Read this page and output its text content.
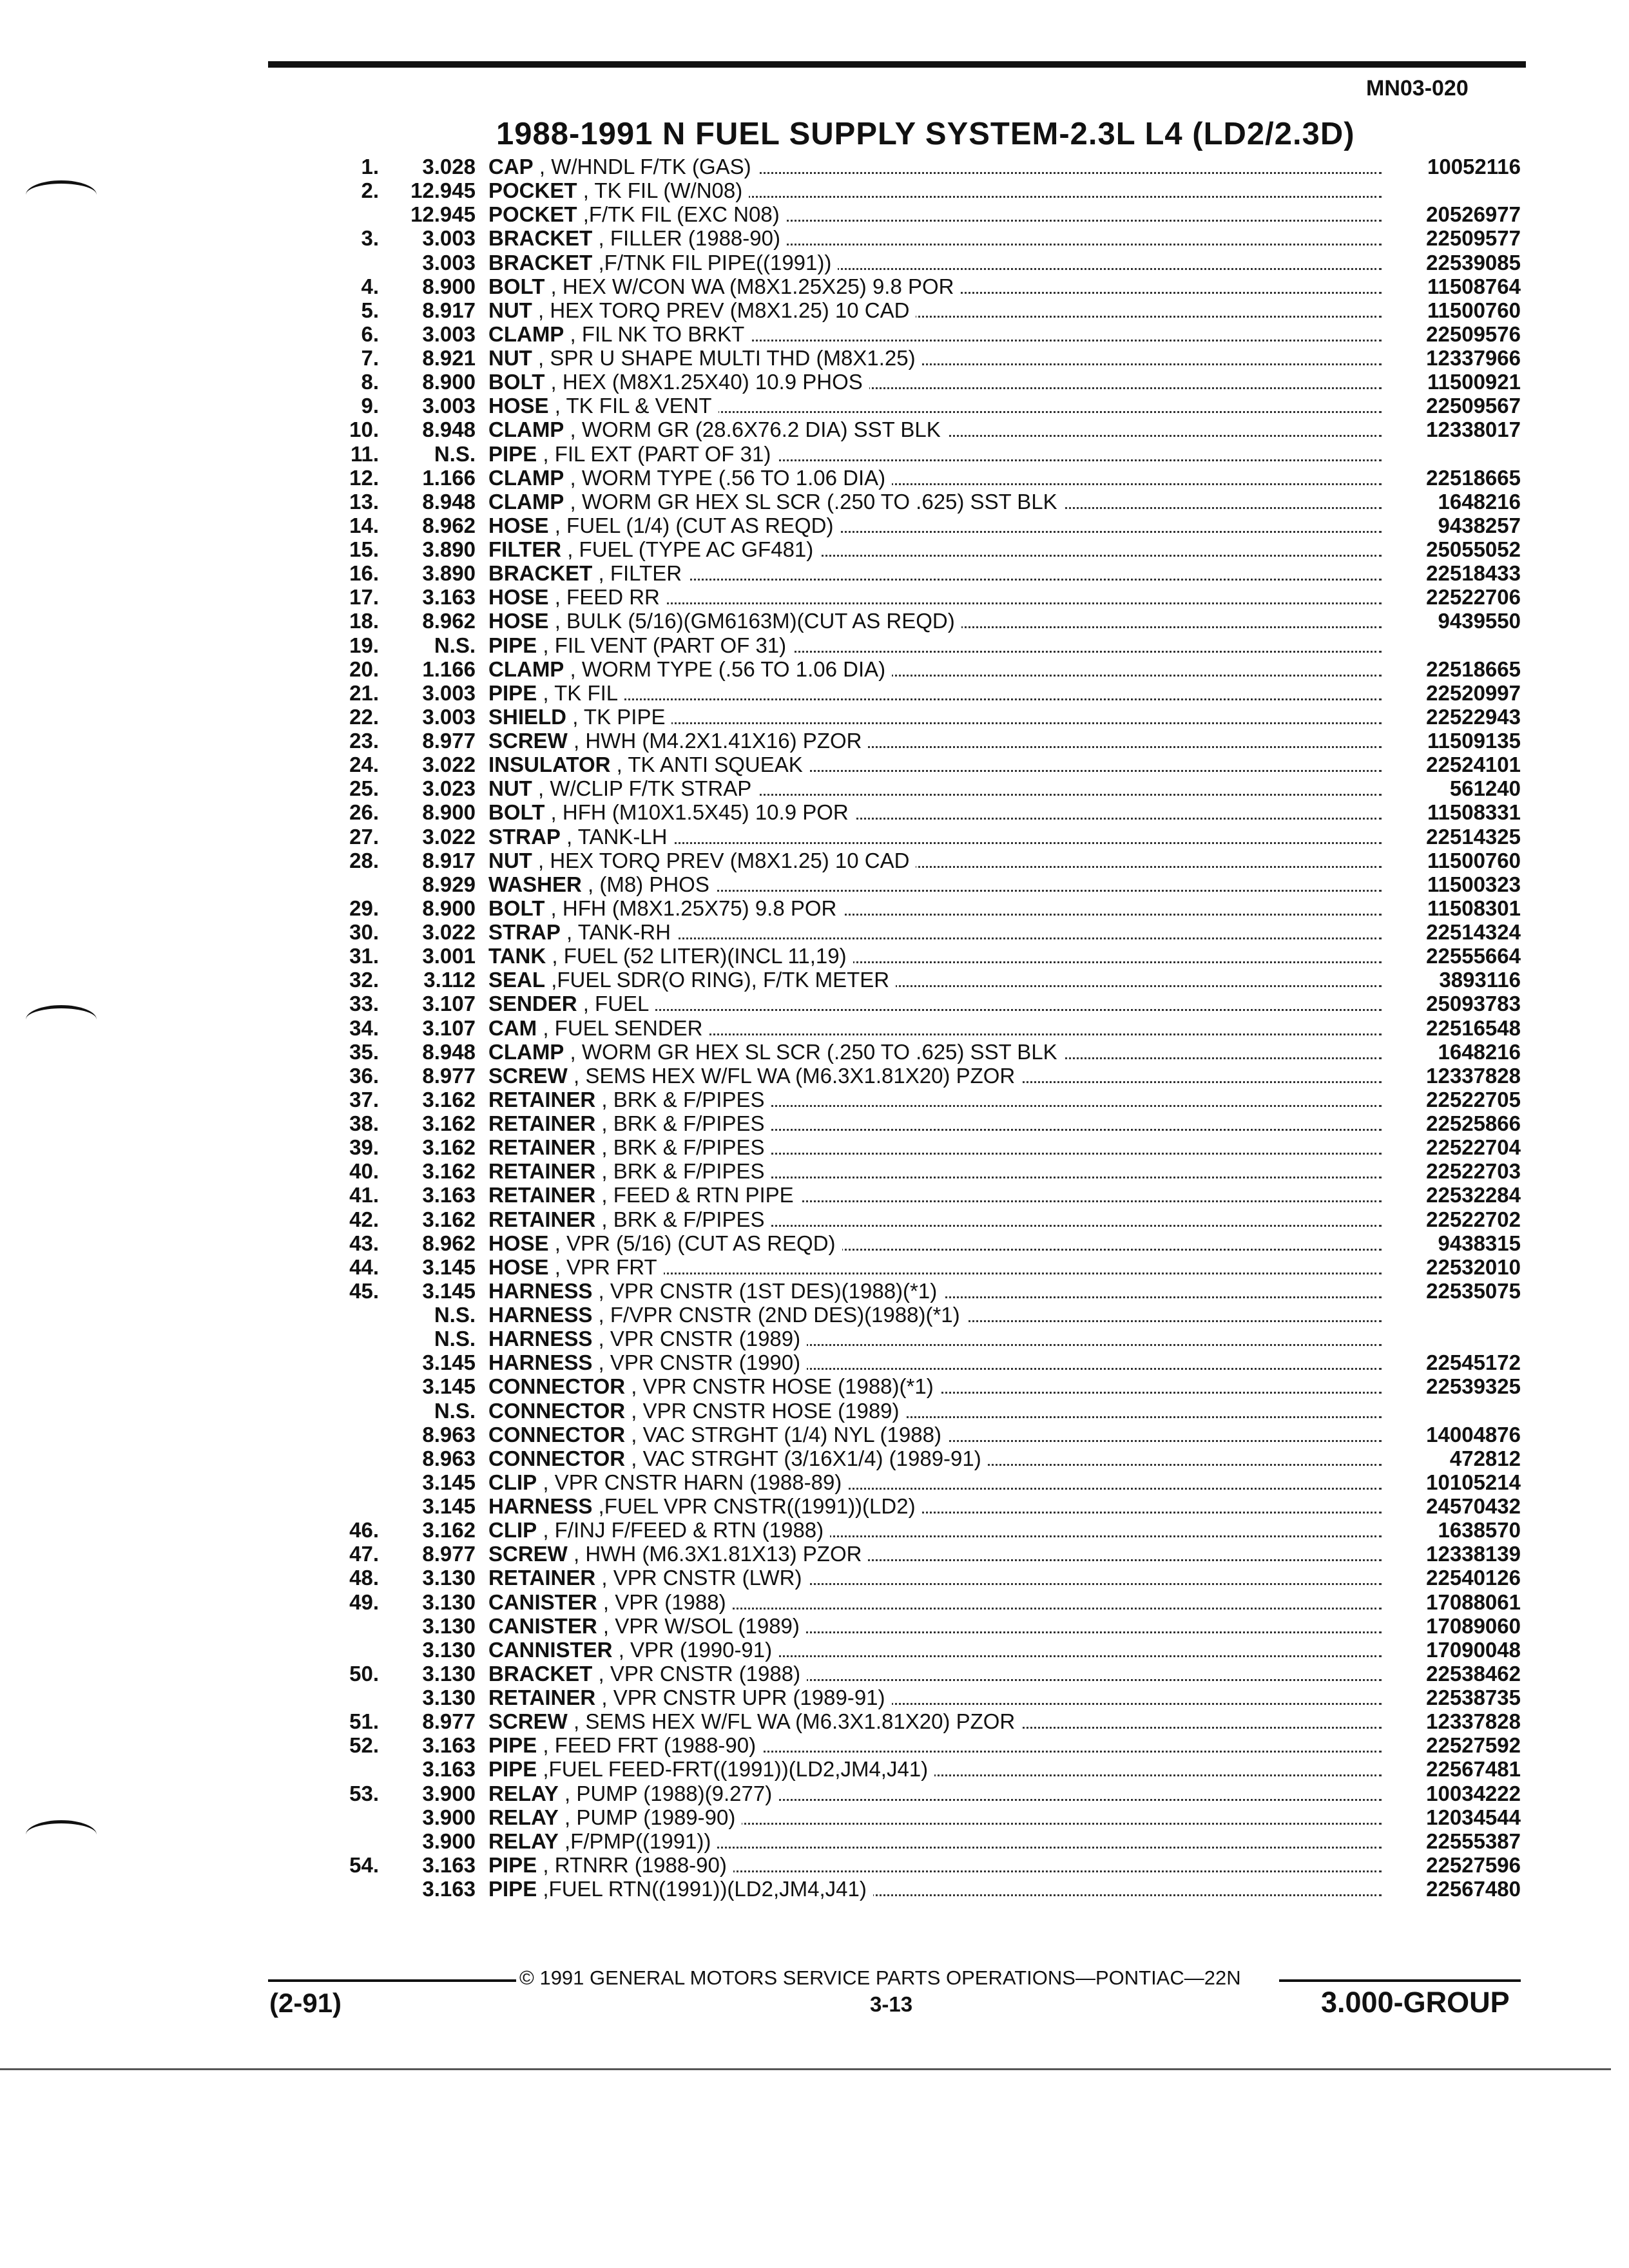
MN03-020
1988-1991 N FUEL SUPPLY SYSTEM-2.3L L4 (LD2/2.3D)
1.	3.028 CAP , W/HNDL F/TK (GAS)	10052116
2.	12.945 POCKET , TK FIL (W/N08)
12.945 POCKET ,F/TK FIL (EXC N08)	20526977
3.	3.003 BRACKET , FILLER (1988-90)	22509577
3.003 BRACKET ,F/TNK FIL PIPE((1991))	22539085
4.	8.900 BOLT , HEX W/CON WA (M8X1.25X25) 9.8 POR	11508764
5.	8.917 NUT , HEX TORQ PREV (M8X1.25) 10 CAD	11500760
6.	3.003 CLAMP , FIL NK TO BRKT	22509576
7.	8.921 NUT , SPR U SHAPE MULTI THD (M8X1.25)	12337966
8.	8.900 BOLT , HEX (M8X1.25X40) 10.9 PHOS	11500921
9.	3.003 HOSE , TK FIL & VENT	22509567
10.	8.948 CLAMP , WORM GR (28.6X76.2 DIA) SST BLK	12338017
11.	N.S. PIPE , FIL EXT (PART OF 31)
12.	1.166 CLAMP , WORM TYPE (.56 TO 1.06 DIA)	22518665
13.	8.948 CLAMP , WORM GR HEX SL SCR (.250 TO .625) SST BLK	1648216
14.	8.962 HOSE , FUEL (1/4) (CUT AS REQD)	9438257
15.	3.890 FILTER , FUEL (TYPE AC GF481)	25055052
16.	3.890 BRACKET , FILTER	22518433
17.	3.163 HOSE , FEED RR	22522706
18.	8.962 HOSE , BULK (5/16)(GM6163M)(CUT AS REQD)	9439550
19.	N.S. PIPE , FIL VENT (PART OF 31)
20.	1.166 CLAMP , WORM TYPE (.56 TO 1.06 DIA)	22518665
21.	3.003 PIPE , TK FIL	22520997
22.	3.003 SHIELD , TK PIPE	22522943
23.	8.977 SCREW , HWH (M4.2X1.41X16) PZOR	11509135
24.	3.022 INSULATOR , TK ANTI SQUEAK	22524101
25.	3.023 NUT , W/CLIP F/TK STRAP	561240
26.	8.900 BOLT , HFH (M10X1.5X45) 10.9 POR	11508331
27.	3.022 STRAP , TANK-LH	22514325
28.	8.917 NUT , HEX TORQ PREV (M8X1.25) 10 CAD	11500760
8.929 WASHER , (M8) PHOS	11500323
29.	8.900 BOLT , HFH (M8X1.25X75) 9.8 POR	11508301
30.	3.022 STRAP , TANK-RH	22514324
31.	3.001 TANK , FUEL (52 LITER)(INCL 11,19)	22555664
32.	3.112 SEAL ,FUEL SDR(O RING), F/TK METER	3893116
33.	3.107 SENDER , FUEL	25093783
34.	3.107 CAM , FUEL SENDER	22516548
35.	8.948 CLAMP , WORM GR HEX SL SCR (.250 TO .625) SST BLK	1648216
36.	8.977 SCREW , SEMS HEX W/FL WA (M6.3X1.81X20) PZOR	12337828
37.	3.162 RETAINER , BRK & F/PIPES	22522705
38.	3.162 RETAINER , BRK & F/PIPES	22525866
39.	3.162 RETAINER , BRK & F/PIPES	22522704
40.	3.162 RETAINER , BRK & F/PIPES	22522703
41.	3.163 RETAINER , FEED & RTN PIPE	22532284
42.	3.162 RETAINER , BRK & F/PIPES	22522702
43.	8.962 HOSE , VPR (5/16) (CUT AS REQD)	9438315
44.	3.145 HOSE , VPR FRT	22532010
45.	3.145 HARNESS , VPR CNSTR (1ST DES)(1988)(*1)	22535075
N.S. HARNESS , F/VPR CNSTR (2ND DES)(1988)(*1)
N.S. HARNESS , VPR CNSTR (1989)
3.145 HARNESS , VPR CNSTR (1990)	22545172
3.145 CONNECTOR , VPR CNSTR HOSE (1988)(*1)	22539325
N.S. CONNECTOR , VPR CNSTR HOSE (1989)
8.963 CONNECTOR , VAC STRGHT (1/4) NYL (1988)	14004876
8.963 CONNECTOR , VAC STRGHT (3/16X1/4) (1989-91)	472812
3.145 CLIP , VPR CNSTR HARN (1988-89)	10105214
3.145 HARNESS ,FUEL VPR CNSTR((1991))(LD2)	24570432
46.	3.162 CLIP , F/INJ F/FEED & RTN (1988)	1638570
47.	8.977 SCREW , HWH (M6.3X1.81X13) PZOR	12338139
48.	3.130 RETAINER , VPR CNSTR (LWR)	22540126
49.	3.130 CANISTER , VPR (1988)	17088061
3.130 CANISTER , VPR W/SOL (1989)	17089060
3.130 CANNISTER , VPR (1990-91)	17090048
50.	3.130 BRACKET , VPR CNSTR (1988)	22538462
3.130 RETAINER , VPR CNSTR UPR (1989-91)	22538735
51.	8.977 SCREW , SEMS HEX W/FL WA (M6.3X1.81X20) PZOR	12337828
52.	3.163 PIPE , FEED FRT (1988-90)	22527592
3.163 PIPE ,FUEL FEED-FRT((1991))(LD2,JM4,J41)	22567481
53.	3.900 RELAY , PUMP (1988)(9.277)	10034222
3.900 RELAY , PUMP (1989-90)	12034544
3.900 RELAY ,F/PMP((1991))	22555387
54.	3.163 PIPE , RTNRR (1988-90)	22527596
3.163 PIPE ,FUEL RTN((1991))(LD2,JM4,J41)	22567480
© 1991 GENERAL MOTORS SERVICE PARTS OPERATIONS—PONTIAC—22N
(2-91)	3-13	3.000-GROUP
